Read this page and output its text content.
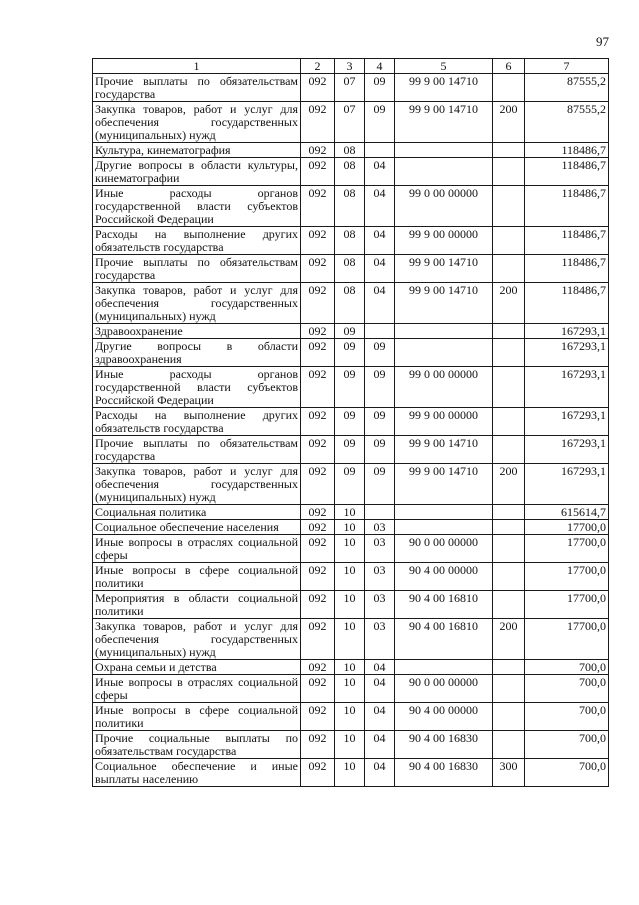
97
1	2	3	4	5	6	7
Прочие выплаты по обязательствам государства	092	07	09	99 9 00 14710		87555,2
Закупка товаров, работ и услуг для обеспечения государственных (муниципальных) нужд	092	07	09	99 9 00 14710	200	87555,2
Культура, кинематография	092	08				118486,7
Другие вопросы в области культуры, кинематографии	092	08	04			118486,7
Иные расходы органов государственной власти субъектов Российской Федерации	092	08	04	99 0 00 00000		118486,7
Расходы на выполнение других обязательств государства	092	08	04	99 9 00 00000		118486,7
Прочие выплаты по обязательствам государства	092	08	04	99 9 00 14710		118486,7
Закупка товаров, работ и услуг для обеспечения государственных (муниципальных) нужд	092	08	04	99 9 00 14710	200	118486,7
Здравоохранение	092	09				167293,1
Другие вопросы в области здравоохранения	092	09	09			167293,1
Иные расходы органов государственной власти субъектов Российской Федерации	092	09	09	99 0 00 00000		167293,1
Расходы на выполнение других обязательств государства	092	09	09	99 9 00 00000		167293,1
Прочие выплаты по обязательствам государства	092	09	09	99 9 00 14710		167293,1
Закупка товаров, работ и услуг для обеспечения государственных (муниципальных) нужд	092	09	09	99 9 00 14710	200	167293,1
Социальная политика	092	10				615614,7
Социальное обеспечение населения	092	10	03			17700,0
Иные вопросы в отраслях социальной сферы	092	10	03	90 0 00 00000		17700,0
Иные вопросы в сфере социальной политики	092	10	03	90 4 00 00000		17700,0
Мероприятия в области социальной политики	092	10	03	90 4 00 16810		17700,0
Закупка товаров, работ и услуг для обеспечения государственных (муниципальных) нужд	092	10	03	90 4 00 16810	200	17700,0
Охрана семьи и детства	092	10	04			700,0
Иные вопросы в отраслях социальной сферы	092	10	04	90 0 00 00000		700,0
Иные вопросы в сфере социальной политики	092	10	04	90 4 00 00000		700,0
Прочие социальные выплаты по обязательствам государства	092	10	04	90 4 00 16830		700,0
Социальное обеспечение и иные выплаты населению	092	10	04	90 4 00 16830	300	700,0
